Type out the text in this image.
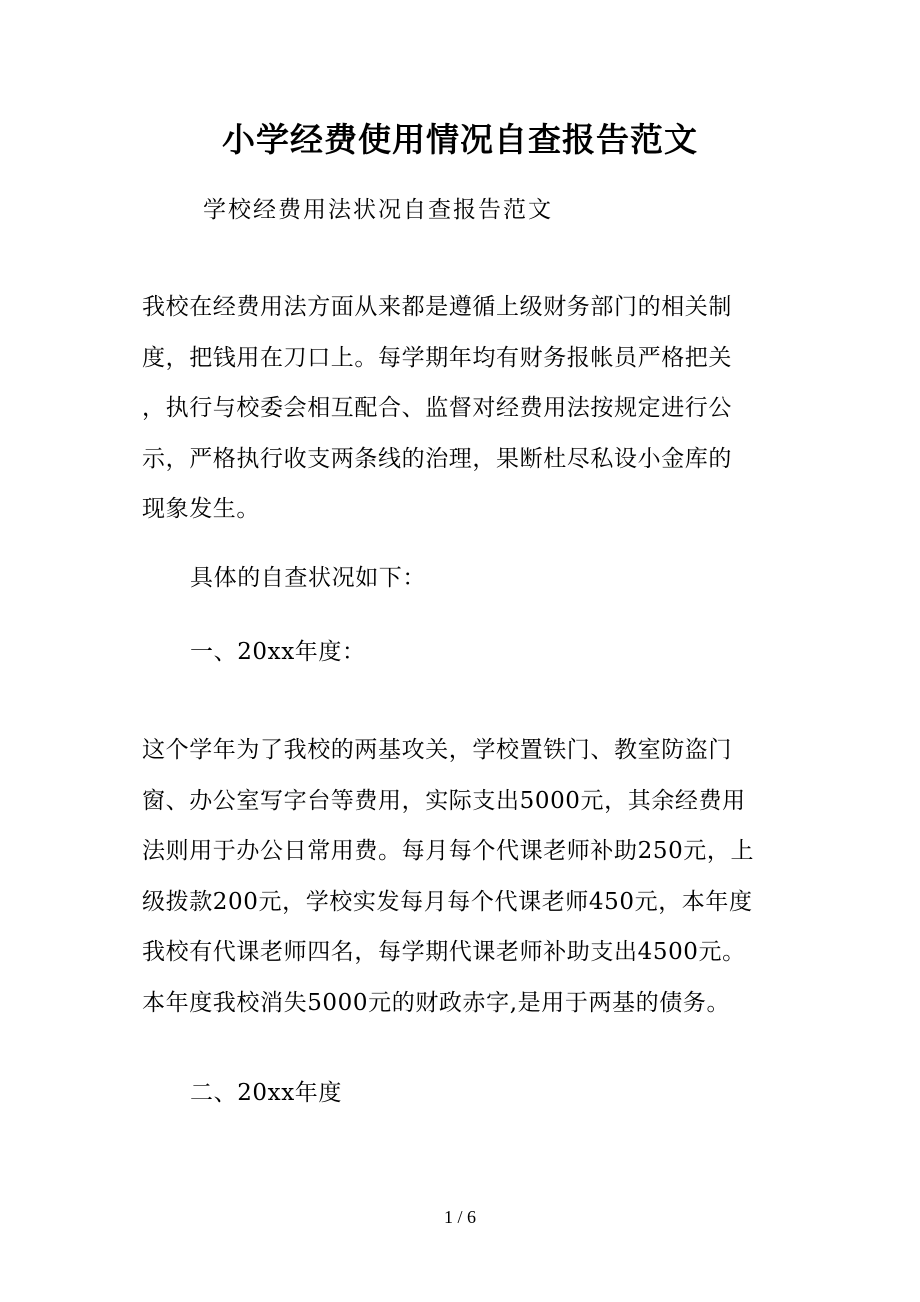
小学经费使用情况自查报告范文

学校经费用法状况自查报告范文

我校在经费用法方面从来都是遵循上级财务部门的相关制
度，把钱用在刀口上。每学期年均有财务报帐员严格把关
，执行与校委会相互配合、监督对经费用法按规定进行公
示，严格执行收支两条线的治理，果断杜尽私设小金库的
现象发生。

具体的自查状况如下：

一、20xx年度：

这个学年为了我校的两基攻关，学校置铁门、教室防盗门
窗、办公室写字台等费用，实际支出5000元，其余经费用
法则用于办公日常用费。每月每个代课老师补助250元，上
级拨款200元，学校实发每月每个代课老师450元，本年度
我校有代课老师四名，每学期代课老师补助支出4500元。
本年度我校消失5000元的财政赤字,是用于两基的债务。

二、20xx年度

1 / 6
